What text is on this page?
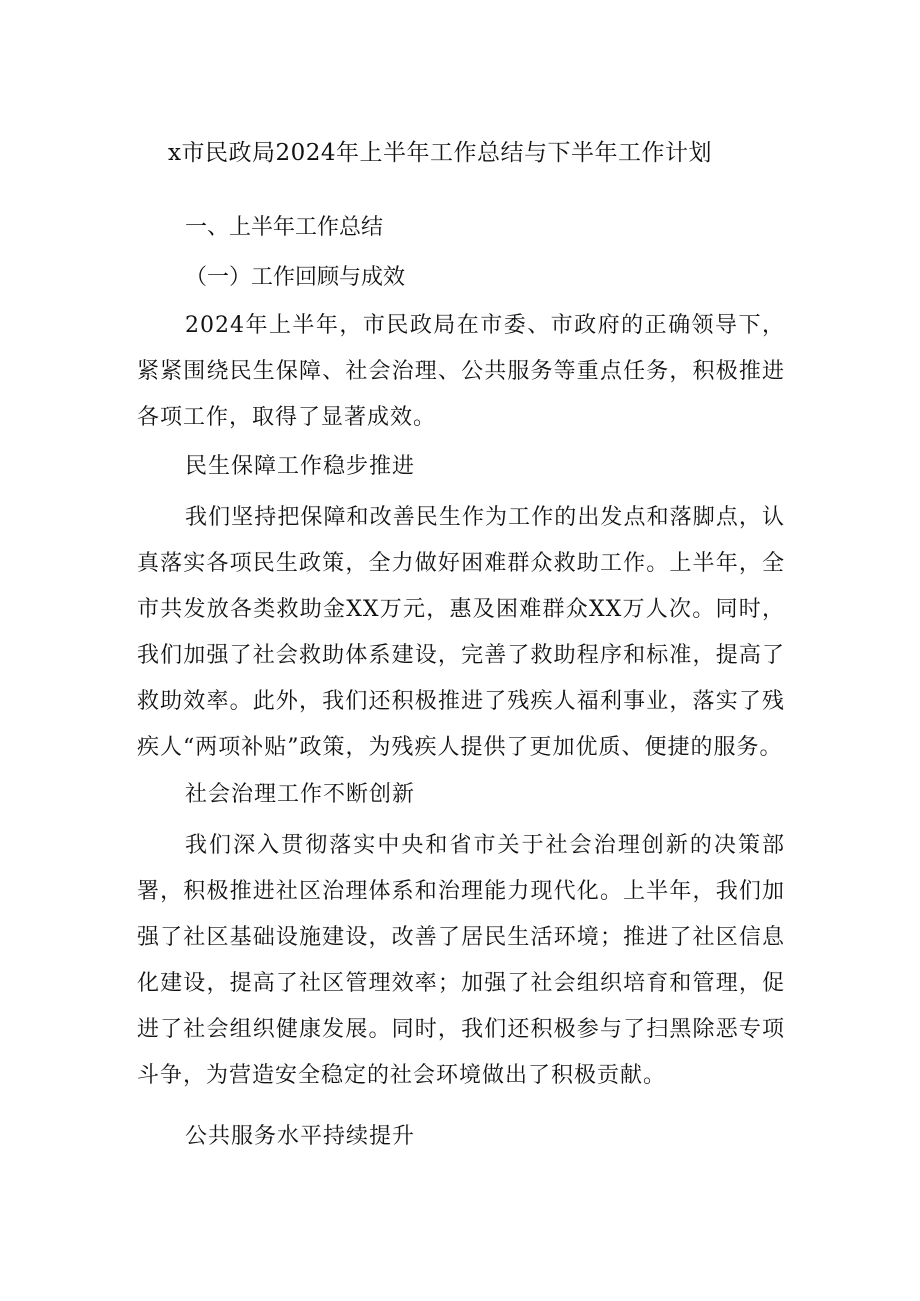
x市民政局2024年上半年工作总结与下半年工作计划
一、上半年工作总结
（一）工作回顾与成效

2024年上半年，市民政局在市委、市政府的正确领导下，紧紧围绕民生保障、社会治理、公共服务等重点任务，积极推进各项工作，取得了显著成效。

民生保障工作稳步推进

我们坚持把保障和改善民生作为工作的出发点和落脚点，认真落实各项民生政策，全力做好困难群众救助工作。上半年，全市共发放各类救助金XX万元，惠及困难群众XX万人次。同时，我们加强了社会救助体系建设，完善了救助程序和标准，提高了救助效率。此外，我们还积极推进了残疾人福利事业，落实了残疾人“两项补贴”政策，为残疾人提供了更加优质、便捷的服务。

社会治理工作不断创新

我们深入贯彻落实中央和省市关于社会治理创新的决策部署，积极推进社区治理体系和治理能力现代化。上半年，我们加强了社区基础设施建设，改善了居民生活环境；推进了社区信息化建设，提高了社区管理效率；加强了社会组织培育和管理，促进了社会组织健康发展。同时，我们还积极参与了扫黑除恶专项斗争，为营造安全稳定的社会环境做出了积极贡献。

公共服务水平持续提升
